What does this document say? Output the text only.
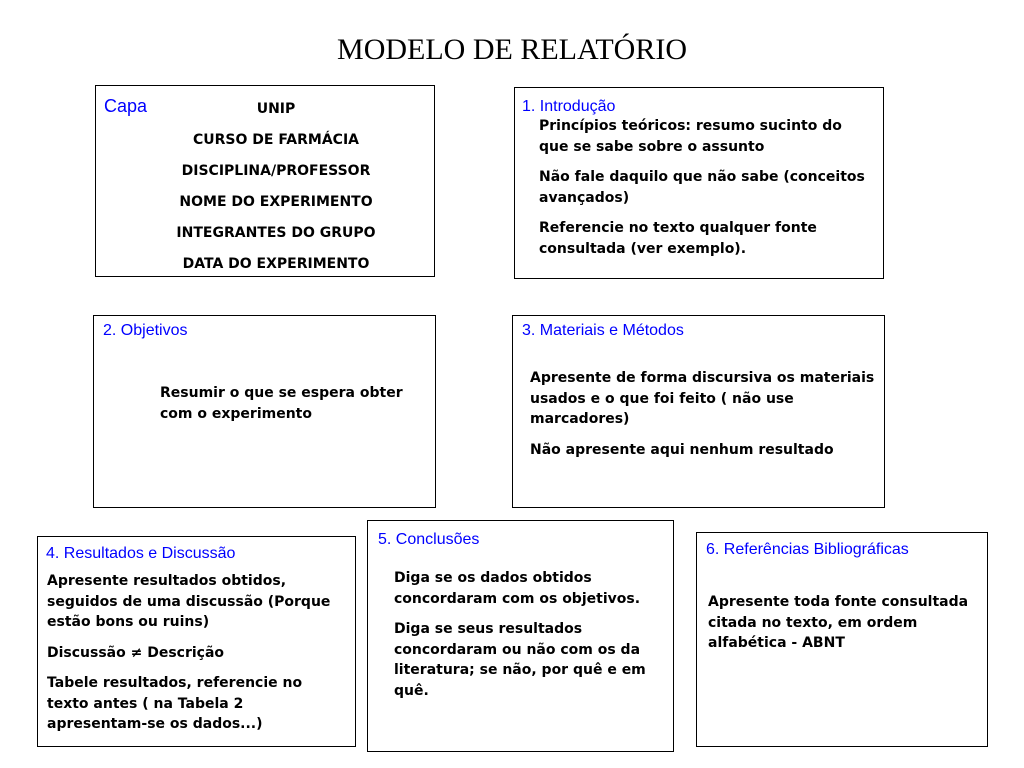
MODELO DE RELATÓRIO
Capa	UNIP

CURSO DE FARMÁCIA

DISCIPLINA/PROFESSOR

NOME DO EXPERIMENTO

INTEGRANTES DO GRUPO

DATA DO EXPERIMENTO

1. Introdução

Princípios teóricos: resumo sucinto do que se sabe sobre o assunto

Não fale daquilo que não sabe (conceitos avançados)

Referencie no texto qualquer fonte consultada (ver exemplo).

2. Objetivos

Resumir o que se espera obter com o experimento

3. Materiais e Métodos

Apresente de forma discursiva os materiais usados e o que foi feito ( não use marcadores)

Não apresente aqui nenhum resultado

4. Resultados e Discussão

Apresente resultados obtidos, seguidos de uma discussão (Porque estão bons ou ruins)

Discussão ≠ Descrição

Tabele resultados, referencie no texto antes ( na Tabela 2 apresentam-se os dados...)

5. Conclusões

Diga se os dados obtidos concordaram com os objetivos.

Diga se seus resultados concordaram ou não com os da literatura; se não, por quê e em quê.

6. Referências Bibliográficas

Apresente toda fonte consultada citada no texto, em ordem alfabética - ABNT
